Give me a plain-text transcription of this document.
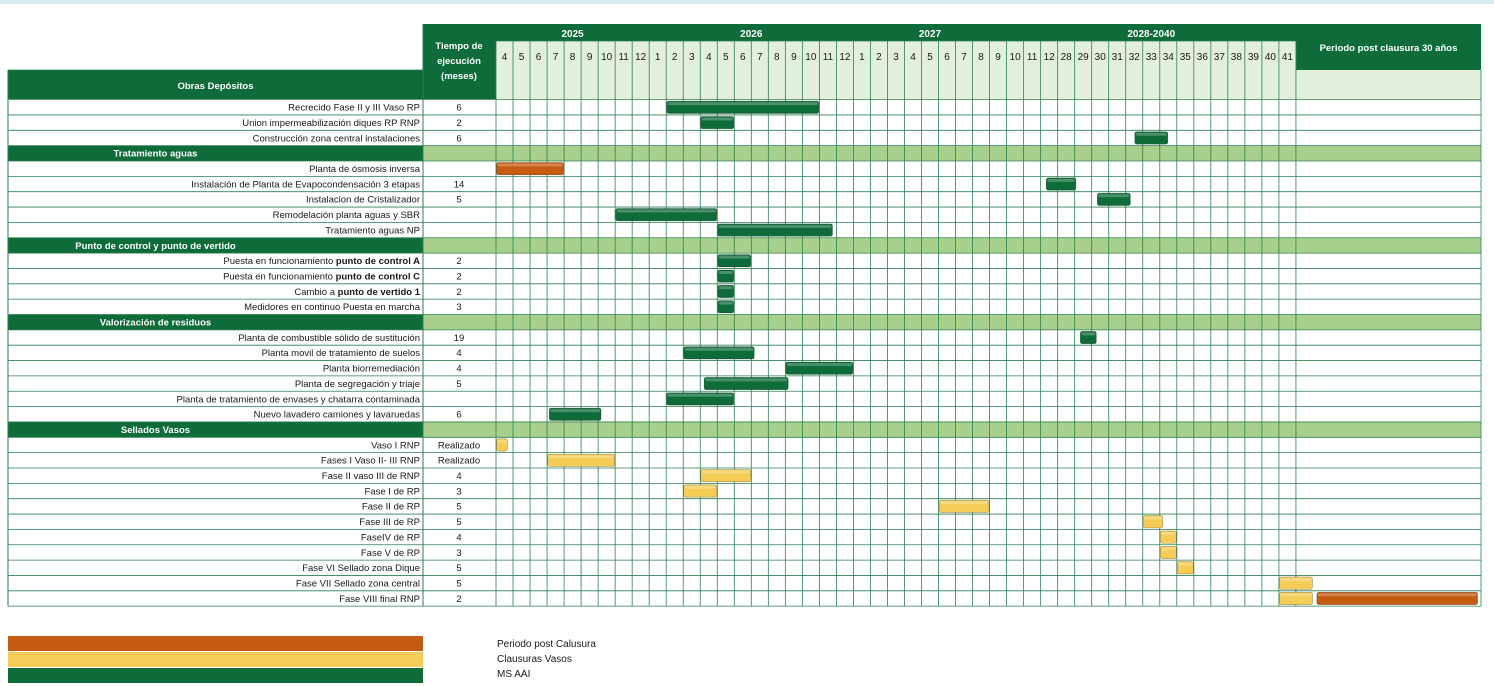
2025	2026	2027	2028-2040
Tiempo de
ejecución
(meses)
Periodo post clausura 30 años
4 5 6 7 8 9 10 11 12 1 2 3 4 5 6 7 8 9 10 11 12 1 2 3 4 5 6 7 8 9 10 11 12 28 29 30 31 32 33 34 35 36 37 38 39 40 41
Obras Depósitos
Recrecido Fase II y III Vaso RP	6
Union impermeabilización diques RP RNP	2
Construcción zona central instalaciones	6
Tratamiento aguas
Planta de ósmosis inversa
Instalación de Planta de Evapocondensación 3 etapas	14
Instalacion de Cristalizador	5
Remodelación planta aguas y SBR
Tratamiento aguas NP
Punto de control y punto de vertido
Puesta en funcionamiento punto de control A	2
Puesta en funcionamiento punto de control C	2
Cambio a punto de vertido 1	2
Medidores en continuo Puesta en marcha	3
Valorización de residuos
Planta de combustible sólido de sustitución	19
Planta movil de tratamiento de suelos	4
Planta biorremediación	4
Planta de segregación y triaje	5
Planta de tratamiento de envases y chatarra contaminada
Nuevo lavadero camiones y lavaruedas	6
Sellados Vasos
Vaso I RNP Realizado
Fases I Vaso II- III RNP Realizado
Fase II vaso III de RNP	4
Fase I de RP	3
Fase II de RP	5
Fase III de RP	5
FaseIV de RP	4
Fase V de RP	3
Fase VI Sellado zona Dique	5
Fase VII Sellado zona central	5
Fase VIII final RNP	2
Periodo post Calusura
Clausuras Vasos
MS AAI
